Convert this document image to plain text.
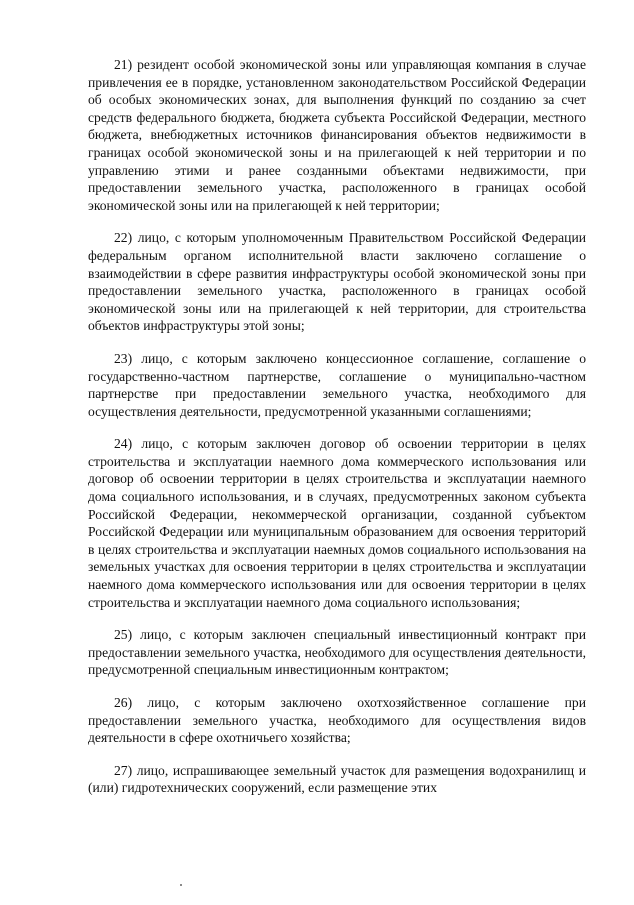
21) резидент особой экономической зоны или управляющая компания в случае привлечения ее в порядке, установленном законодательством Российской Федерации об особых экономических зонах, для выполнения функций по созданию за счет средств федерального бюджета, бюджета субъекта Российской Федерации, местного бюджета, внебюджетных источников финансирования объектов недвижимости в границах особой экономической зоны и на прилегающей к ней территории и по управлению этими и ранее созданными объектами недвижимости, при предоставлении земельного участка, расположенного в границах особой экономической зоны или на прилегающей к ней территории;

22) лицо, с которым уполномоченным Правительством Российской Федерации федеральным органом исполнительной власти заключено соглашение о взаимодействии в сфере развития инфраструктуры особой экономической зоны при предоставлении земельного участка, расположенного в границах особой экономической зоны или на прилегающей к ней территории, для строительства объектов инфраструктуры этой зоны;

23) лицо, с которым заключено концессионное соглашение, соглашение о государственно-частном партнерстве, соглашение о муниципально-частном партнерстве при предоставлении земельного участка, необходимого для осуществления деятельности, предусмотренной указанными соглашениями;

24) лицо, с которым заключен договор об освоении территории в целях строительства и эксплуатации наемного дома коммерческого использования или договор об освоении территории в целях строительства и эксплуатации наемного дома социального использования, и в случаях, предусмотренных законом субъекта Российской Федерации, некоммерческой организации, созданной субъектом Российской Федерации или муниципальным образованием для освоения территорий в целях строительства и эксплуатации наемных домов социального использования на земельных участках для освоения территории в целях строительства и эксплуатации наемного дома коммерческого использования или для освоения территории в целях строительства и эксплуатации наемного дома социального использования;

25) лицо, с которым заключен специальный инвестиционный контракт при предоставлении земельного участка, необходимого для осуществления деятельности, предусмотренной специальным инвестиционным контрактом;

26) лицо, с которым заключено охотхозяйственное соглашение при предоставлении земельного участка, необходимого для осуществления видов деятельности в сфере охотничьего хозяйства;

27) лицо, испрашивающее земельный участок для размещения водохранилищ и (или) гидротехнических сооружений, если размещение этих
